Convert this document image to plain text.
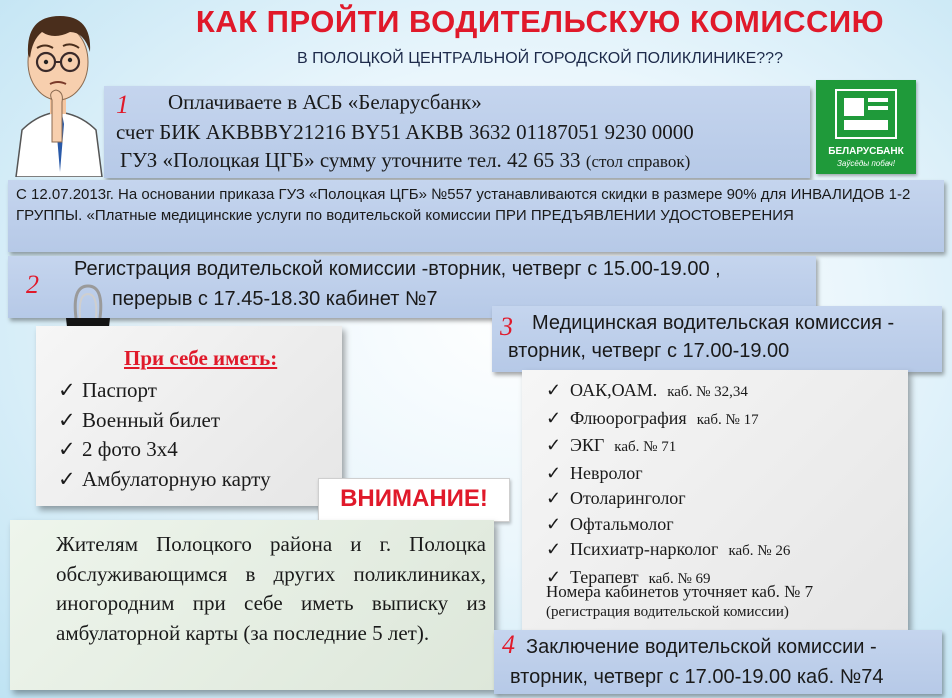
КАК ПРОЙТИ ВОДИТЕЛЬСКУЮ КОМИССИЮ
В ПОЛОЦКОЙ ЦЕНТРАЛЬНОЙ ГОРОДСКОЙ ПОЛИКЛИНИКЕ???
1 Оплачиваете в АСБ «Беларусбанк»
счет БИК AKBBBY21216 BY51 AKBB 3632 01187051 9230 0000
ГУЗ «Полоцкая ЦГБ» сумму уточните тел. 42 65 33 (стол справок)
БЕЛАРУСБАНК
Заўсёды побач!
С 12.07.2013г. На основании приказа ГУЗ «Полоцкая ЦГБ» №557 устанавливаются скидки в размере 90% для ИНВАЛИДОВ 1-2 ГРУППЫ. «Платные медицинские услуги по водительской комиссии ПРИ ПРЕДЪЯВЛЕНИИ УДОСТОВЕРЕНИЯ
2
Регистрация водительской комиссии -вторник, четверг с 15.00-19.00 ,
перерыв с 17.45-18.30 кабинет №7
При себе иметь:
✓ Паспорт
✓ Военный билет
✓ 2 фото 3х4
✓ Амбулаторную карту
ВНИМАНИЕ!
Жителям Полоцкого района и г. Полоцка обслуживающимся в других поликлиниках, иногородним при себе иметь выписку из амбулаторной карты (за последние 5 лет).
3 Медицинская водительская комиссия -
вторник, четверг с 17.00-19.00
✓ ОАК,ОАМ. каб. № 32,34
✓ Флюорография каб. № 17
✓ ЭКГ каб. № 71
✓ Невролог
✓ Отоларинголог
✓ Офтальмолог
✓ Психиатр-нарколог каб. № 26
✓ Терапевт каб. № 69
Номера кабинетов уточняет каб. № 7
(регистрация водительской комиссии)
4 Заключение водительской комиссии -
вторник, четверг с 17.00-19.00 каб. №74
